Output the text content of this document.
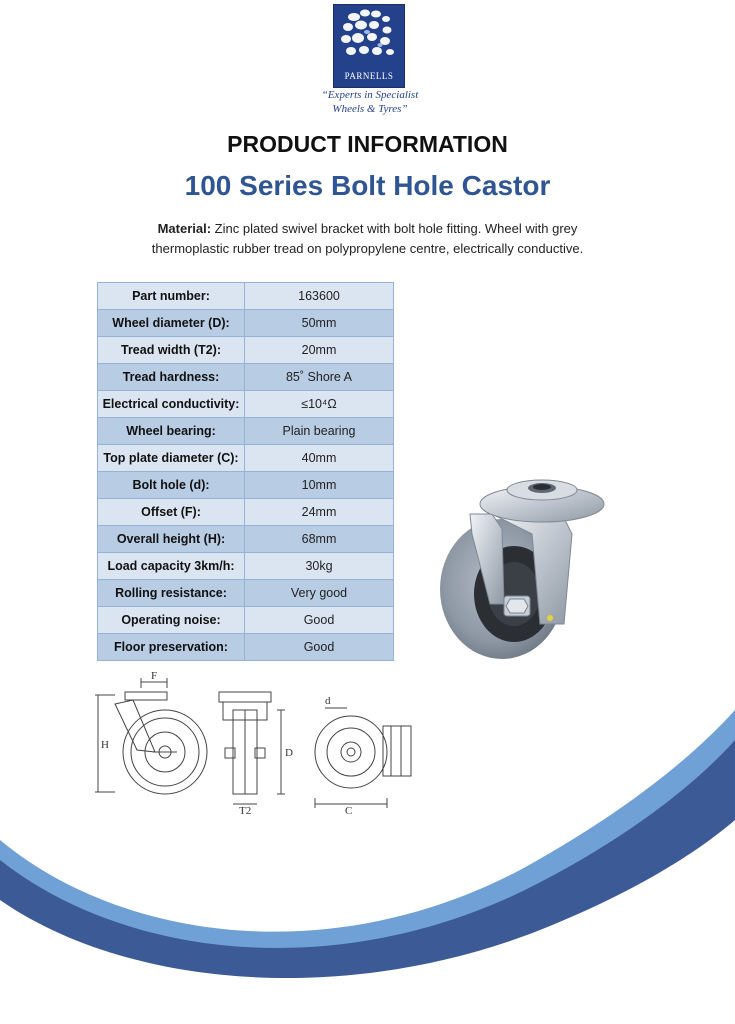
PARNELLS
“Experts in Specialist
Wheels & Tyres”
PRODUCT INFORMATION
100 Series Bolt Hole Castor
Material: Zinc plated swivel bracket with bolt hole fitting. Wheel with grey
thermoplastic rubber tread on polypropylene centre, electrically conductive.
Part number:	163600
Wheel diameter (D):	50mm
Tread width (T2):	20mm
Tread hardness:	85˚ Shore A
Electrical conductivity:	≤10⁴Ω
Wheel bearing:	Plain bearing
Top plate diameter (C):	40mm
Bolt hole (d):	10mm
Offset (F):	24mm
Overall height (H):	68mm
Load capacity 3km/h:	30kg
Rolling resistance:	Very good
Operating noise:	Good
Floor preservation:	Good
F
H
D
T2
d
C
